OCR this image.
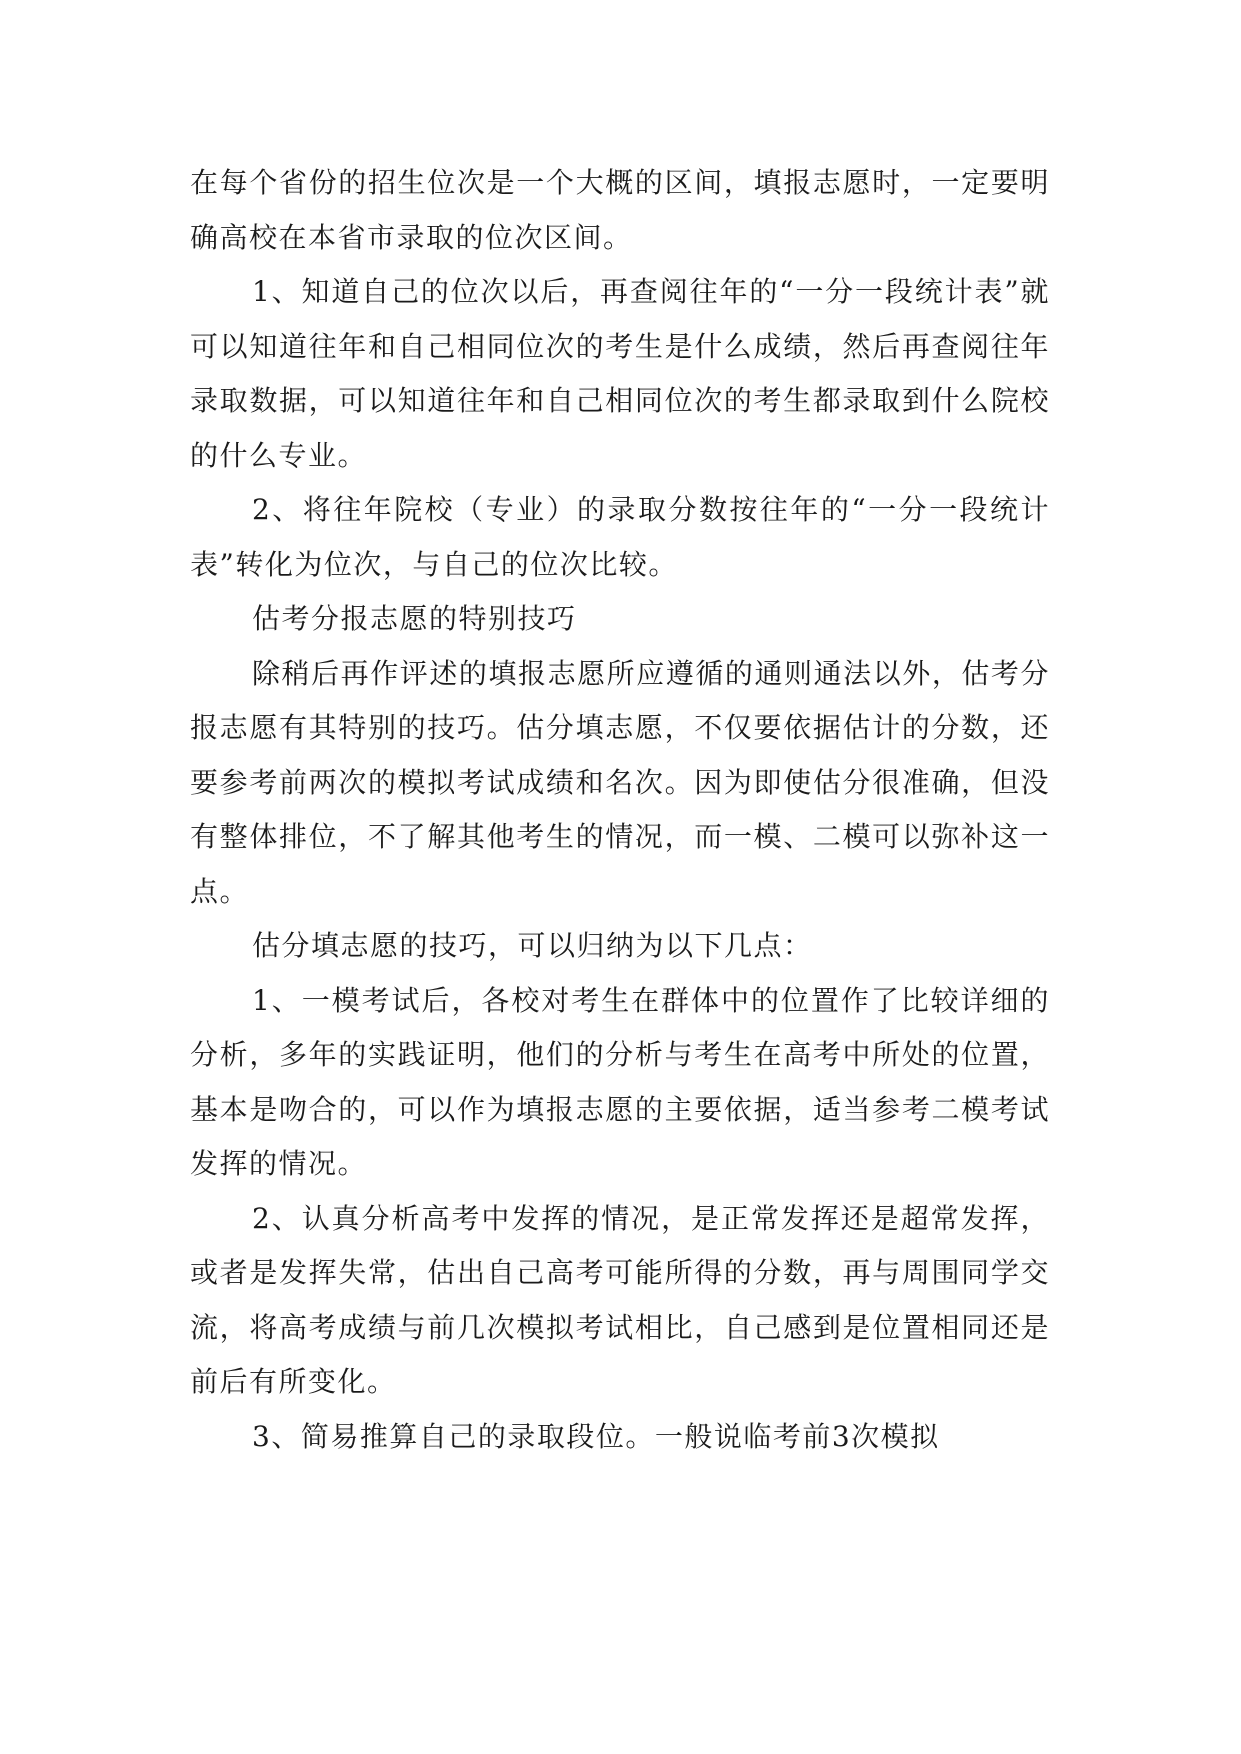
在每个省份的招生位次是一个大概的区间，填报志愿时，一定要明确高校在本省市录取的位次区间。

1、知道自己的位次以后，再查阅往年的“一分一段统计表”就可以知道往年和自己相同位次的考生是什么成绩，然后再查阅往年录取数据，可以知道往年和自己相同位次的考生都录取到什么院校的什么专业。

2、将往年院校（专业）的录取分数按往年的“一分一段统计表”转化为位次，与自己的位次比较。

估考分报志愿的特别技巧

除稍后再作评述的填报志愿所应遵循的通则通法以外，估考分报志愿有其特别的技巧。估分填志愿，不仅要依据估计的分数，还要参考前两次的模拟考试成绩和名次。因为即使估分很准确，但没有整体排位，不了解其他考生的情况，而一模、二模可以弥补这一点。

估分填志愿的技巧，可以归纳为以下几点：

1、一模考试后，各校对考生在群体中的位置作了比较详细的分析，多年的实践证明，他们的分析与考生在高考中所处的位置，基本是吻合的，可以作为填报志愿的主要依据，适当参考二模考试发挥的情况。

2、认真分析高考中发挥的情况，是正常发挥还是超常发挥，或者是发挥失常，估出自己高考可能所得的分数，再与周围同学交流，将高考成绩与前几次模拟考试相比，自己感到是位置相同还是前后有所变化。

3、简易推算自己的录取段位。一般说临考前3次模拟
